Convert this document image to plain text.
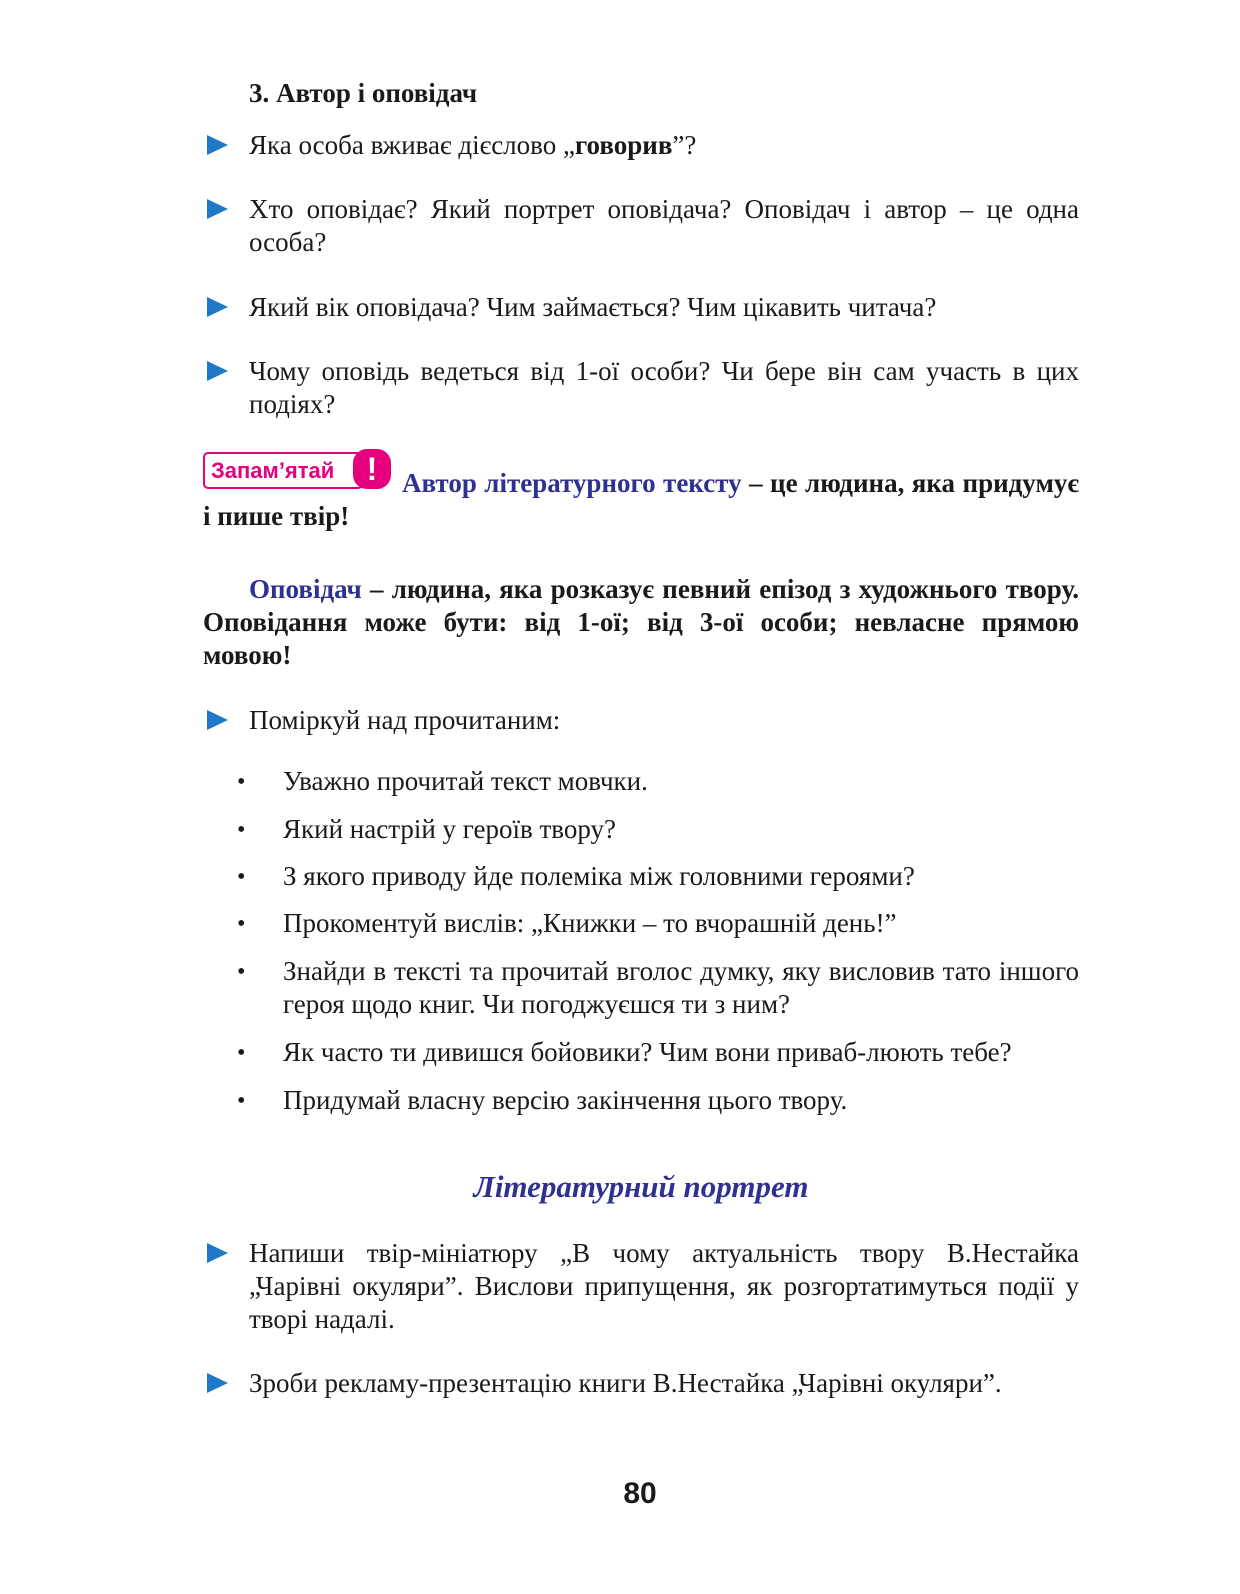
3. Автор і оповідач
Яка особа вживає дієслово „говорив”?
Хто оповідає? Який портрет оповідача? Оповідач і автор – це одна особа?
Який вік оповідача? Чим займається? Чим цікавить читача?
Чому оповідь ведеться від 1-ої особи? Чи бере він сам участь в цих подіях?
Запам’ятай	! Автор літературного тексту – це людина, яка придумує і пише твір!
Оповідач – людина, яка розказує певний епізод з художнього твору. Оповідання може бути: від 1-ої; від 3-ої особи; невласне прямою мовою!
Поміркуй над прочитаним:
• Уважно прочитай текст мовчки.
• Який настрій у героїв твору?
• З якого приводу йде полеміка між головними героями?
• Прокоментуй вислів: „Книжки – то вчорашній день!”
• Знайди в тексті та прочитай вголос думку, яку висловив тато іншого героя щодо книг. Чи погоджуєшся ти з ним?
• Як часто ти дивишся бойовики? Чим вони приваб-люють тебе?
• Придумай власну версію закінчення цього твору.
Літературний портрет
Напиши твір-мініатюру „В чому актуальність твору В.Нестайка „Чарівні окуляри”. Вислови припущення, як розгортатимуться події у творі надалі.
Зроби рекламу-презентацію книги В.Нестайка „Чарівні окуляри”.
80
